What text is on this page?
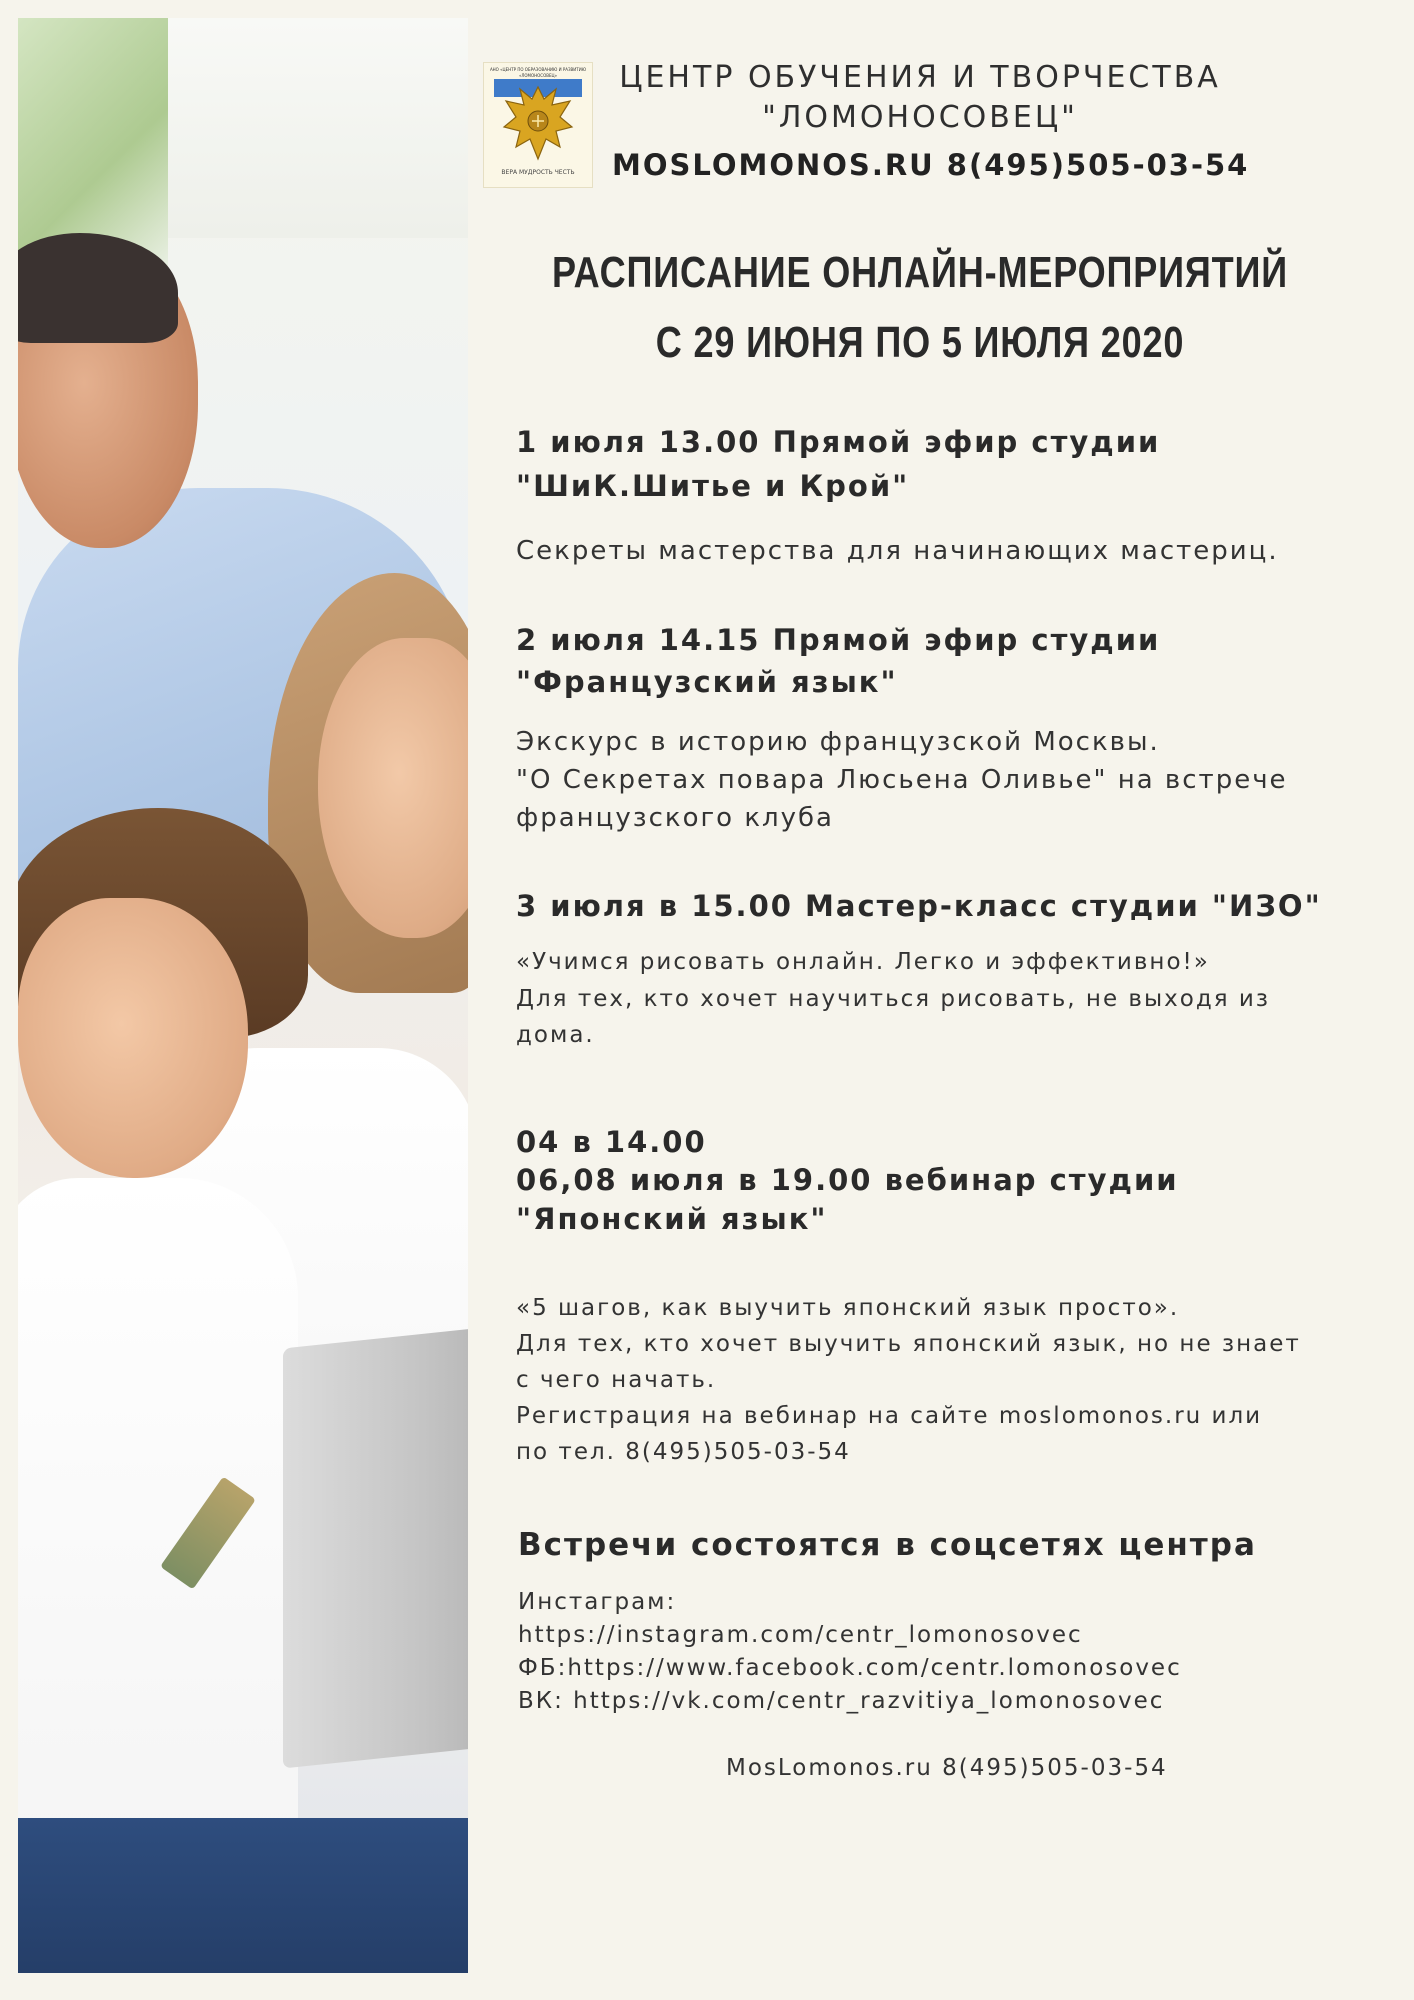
АНО «ЦЕНТР ПО ОБРАЗОВАНИЮ И РАЗВИТИЮ «ЛОМОНОСОВЕЦ»
ВЕРА МУДРОСТЬ ЧЕСТЬ
ЦЕНТР ОБУЧЕНИЯ И ТВОРЧЕСТВА
"ЛОМОНОСОВЕЦ"
MOSLOMONOS.RU 8(495)505-03-54
РАСПИСАНИЕ ОНЛАЙН-МЕРОПРИЯТИЙ
С 29 ИЮНЯ ПО 5 ИЮЛЯ 2020
1 июля 13.00 Прямой эфир студии
"ШиК.Шитье и Крой"
Секреты мастерства для начинающих мастериц.
2 июля 14.15 Прямой эфир студии
"Французский язык"
Экскурс в историю французской Москвы.
"О Секретах повара Люсьена Оливье" на встрече
французского клуба
3 июля в 15.00 Мастер-класс студии "ИЗО"
«Учимся рисовать онлайн. Легко и эффективно!»
Для тех, кто хочет научиться рисовать, не выходя из
дома.
04 в 14.00
06,08 июля в 19.00 вебинар студии
"Японский язык"
«5 шагов, как выучить японский язык просто».
Для тех, кто хочет выучить японский язык, но не знает
с чего начать.
Регистрация на вебинар на сайте moslomonos.ru или
по тел. 8(495)505-03-54
Встречи состоятся в соцсетях центра
Инстаграм:
https://instagram.com/centr_lomonosovec
ФБ:https://www.facebook.com/centr.lomonosovec
ВК: https://vk.com/centr_razvitiya_lomonosovec
MosLomonos.ru 8(495)505-03-54
